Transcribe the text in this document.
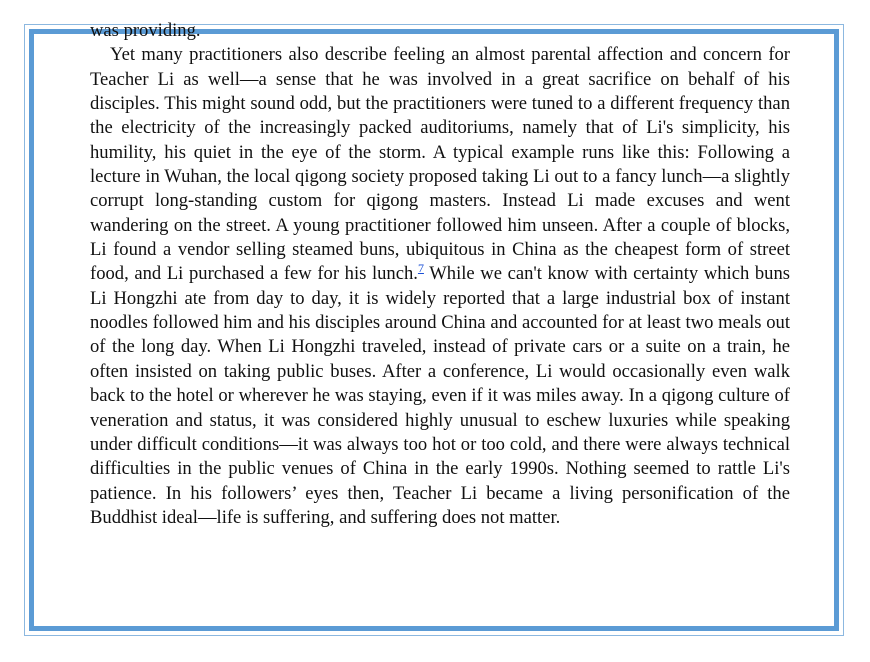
was providing.

Yet many practitioners also describe feeling an almost parental affection and concern for Teacher Li as well—a sense that he was involved in a great sacrifice on behalf of his disciples. This might sound odd, but the practitioners were tuned to a different frequency than the electricity of the increasingly packed auditoriums, namely that of Li's simplicity, his humility, his quiet in the eye of the storm. A typical example runs like this: Following a lecture in Wuhan, the local qigong society proposed taking Li out to a fancy lunch—a slightly corrupt long-standing custom for qigong masters. Instead Li made excuses and went wandering on the street. A young practitioner followed him unseen. After a couple of blocks, Li found a vendor selling steamed buns, ubiquitous in China as the cheapest form of street food, and Li purchased a few for his lunch.$^7$ While we can't know with certainty which buns Li Hongzhi ate from day to day, it is widely reported that a large industrial box of instant noodles followed him and his disciples around China and accounted for at least two meals out of the long day. When Li Hongzhi traveled, instead of private cars or a suite on a train, he often insisted on taking public buses. After a conference, Li would occasionally even walk back to the hotel or wherever he was staying, even if it was miles away. In a qigong culture of veneration and status, it was considered highly unusual to eschew luxuries while speaking under difficult conditions—it was always too hot or too cold, and there were always technical difficulties in the public venues of China in the early 1990s. Nothing seemed to rattle Li's patience. In his followers’ eyes then, Teacher Li became a living personification of the Buddhist ideal—life is suffering, and suffering does not matter.
